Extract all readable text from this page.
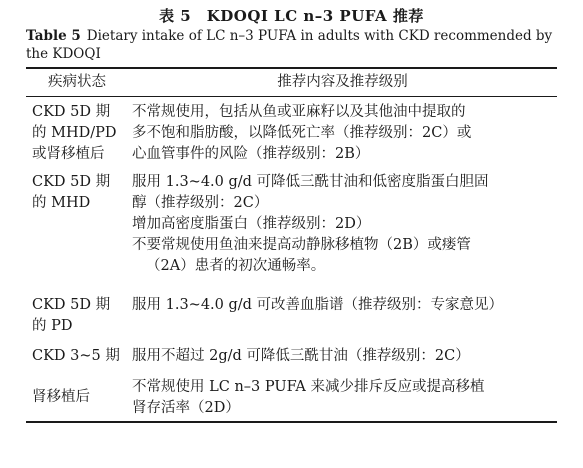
表 5　KDOQI LC n–3 PUFA 推荐
Table 5 Dietary intake of LC n–3 PUFA in adults with CKD recommended by the KDOQI
疾病状态	推荐内容及推荐级别

CKD 5D 期
的 MHD/PD
或肾移植后	不常规使用，包括从鱼或亚麻籽以及其他油中提取的
多不饱和脂肪酸，以降低死亡率（推荐级别：2C）或
心血管事件的风险（推荐级别：2B）

CKD 5D 期
的 MHD	服用 1.3~4.0 g/d 可降低三酰甘油和低密度脂蛋白胆固
醇（推荐级别：2C）
增加高密度脂蛋白（推荐级别：2D）
不要常规使用鱼油来提高动静脉移植物（2B）或瘘管
（2A）患者的初次通畅率。

CKD 5D 期
的 PD	服用 1.3~4.0 g/d 可改善血脂谱（推荐级别：专家意见）

CKD 3~5 期	服用不超过 2g/d 可降低三酰甘油（推荐级别：2C）

肾移植后	不常规使用 LC n–3 PUFA 来减少排斥反应或提高移植
肾存活率（2D）
